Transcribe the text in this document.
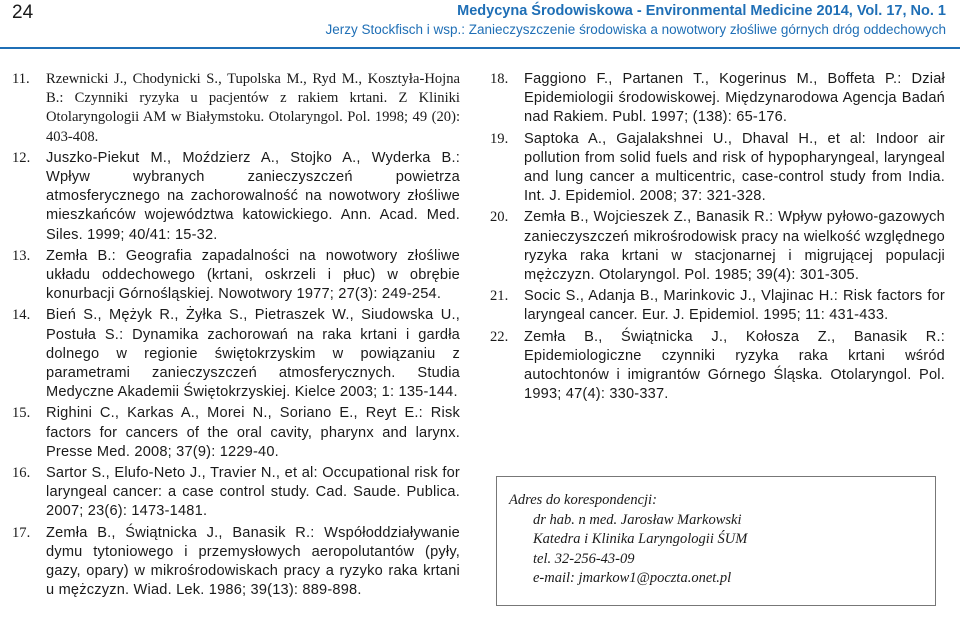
24	Medycyna Środowiskowa - Environmental Medicine 2014, Vol. 17, No. 1
Jerzy Stockfisch i wsp.: Zanieczyszczenie środowiska a nowotwory złośliwe górnych dróg oddechowych
11.	Rzewnicki J., Chodynicki S., Tupolska M., Ryd M., Kosztyła-Hojna B.: Czynniki ryzyka u pacjentów z rakiem krtani. Z Kliniki Otolaryngologii AM w Białymstoku. Otolaryngol. Pol. 1998; 49 (20): 403-408.
12.	Juszko-Piekut M., Moździerz A., Stojko A., Wyderka B.: Wpływ wybranych zanieczyszczeń powietrza atmosferycznego na zachorowalność na nowotwory złośliwe mieszkańców województwa katowickiego. Ann. Acad. Med. Siles. 1999; 40/41: 15-32.
13.	Zemła B.: Geografia zapadalności na nowotwory złośliwe układu oddechowego (krtani, oskrzeli i płuc) w obrębie konurbacji Górnośląskiej. Nowotwory 1977; 27(3): 249-254.
14.	Bień S., Mężyk R., Żyłka S., Pietraszek W., Siudowska U., Postuła S.: Dynamika zachorowań na raka krtani i gardła dolnego w regionie świętokrzyskim w powiązaniu z parametrami zanieczyszczeń atmosferycznych. Studia Medyczne Akademii Świętokrzyskiej. Kielce 2003; 1: 135-144.
15.	Righini C., Karkas A., Morei N., Soriano E., Reyt E.: Risk factors for cancers of the oral cavity, pharynx and larynx. Presse Med. 2008; 37(9): 1229-40.
16.	Sartor S., Elufo-Neto J., Travier N., et al: Occupational risk for laryngeal cancer: a case control study. Cad. Saude. Publica. 2007; 23(6): 1473-1481.
17.	Zemła B., Świątnicka J., Banasik R.: Współoddziaływanie dymu tytoniowego i przemysłowych aeropolutantów (pyły, gazy, opary) w mikrośrodowiskach pracy a ryzyko raka krtani u mężczyzn. Wiad. Lek. 1986; 39(13): 889-898.
18.	Faggiono F., Partanen T., Kogerinus M., Boffeta P.: Dział Epidemiologii środowiskowej. Międzynarodowa Agencja Badań nad Rakiem. Publ. 1997; (138): 65-176.
19.	Saptoka A., Gajalakshnei U., Dhaval H., et al: Indoor air pollution from solid fuels and risk of hypopharyngeal, laryngeal and lung cancer a multicentric, case-control study from India. Int. J. Epidemiol. 2008; 37: 321-328.
20.	Zemła B., Wojcieszek Z., Banasik R.: Wpływ pyłowo-gazowych zanieczyszczeń mikrośrodowisk pracy na wielkość względnego ryzyka raka krtani w stacjonarnej i migrującej populacji mężczyzn. Otolaryngol. Pol. 1985; 39(4): 301-305.
21.	Socic S., Adanja B., Marinkovic J., Vlajinac H.: Risk factors for laryngeal cancer. Eur. J. Epidemiol. 1995; 11: 431-433.
22.	Zemła B., Świątnicka J., Kołosza Z., Banasik R.: Epidemiologiczne czynniki ryzyka raka krtani wśród autochtonów i imigrantów Górnego Śląska. Otolaryngol. Pol. 1993; 47(4): 330-337.
Adres do korespondencji:
dr hab. n med. Jarosław Markowski
Katedra i Klinika Laryngologii ŚUM
tel. 32-256-43-09
e-mail: jmarkow1@poczta.onet.pl
